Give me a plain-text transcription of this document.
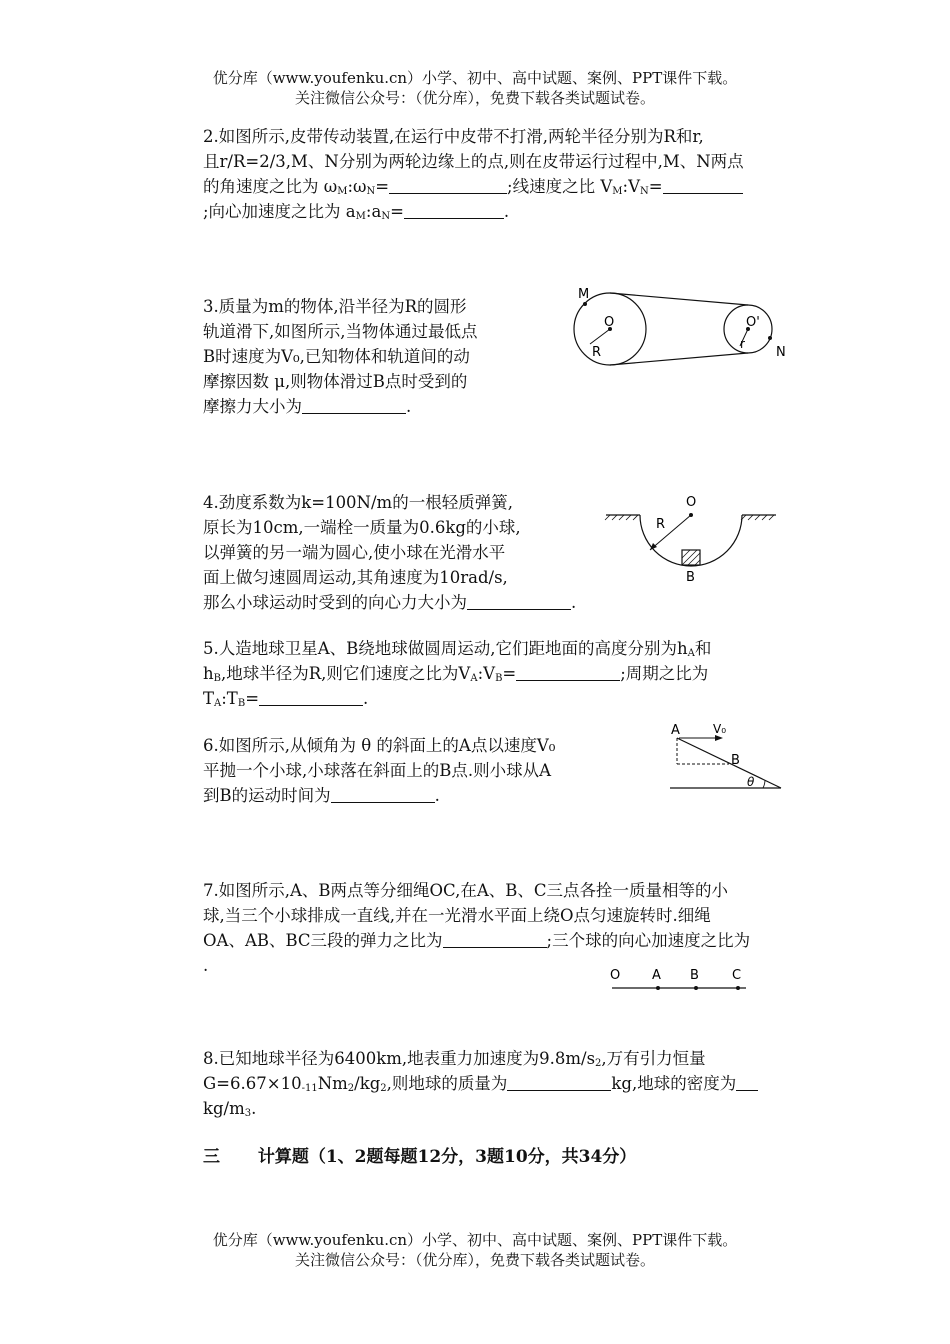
优分库（www.youfenku.cn）小学、初中、高中试题、案例、PPT课件下载。
关注微信公众号：（优分库），免费下载各类试题试卷。
2.如图所示,皮带传动装置,在运行中皮带不打滑,两轮半径分别为R和r,
且r/R=2/3,M、N分别为两轮边缘上的点,则在皮带运行过程中,M、N两点
的角速度之比为 $\omega_M:\omega_N=$	;线速度之比 $V_M:V_N=$
;向心加速度之比为 $a_M:a_N=$	.
M
O
R
O'
r
N
3.质量为m的物体,沿半径为R的圆形
轨道滑下,如图所示,当物体通过最低点
B时速度为V₀,已知物体和轨道间的动
摩擦因数 μ,则物体滑过B点时受到的
摩擦力大小为	.
4.劲度系数为k=100N/m的一根轻质弹簧,
原长为10cm,一端栓一质量为0.6kg的小球,
以弹簧的另一端为圆心,使小球在光滑水平
面上做匀速圆周运动,其角速度为10rad/s,
那么小球运动时受到的向心力大小为	.
O
R
B
5.人造地球卫星A、B绕地球做圆周运动,它们距地面的高度分别为$h_A$和
$h_B$,地球半径为R,则它们速度之比为$V_A:V_B=$	;周期之比为
$T_A:T_B=$	.
6.如图所示,从倾角为 θ 的斜面上的A点以速度V₀
平抛一个小球,小球落在斜面上的B点.则小球从A
到B的运动时间为	.
A	V₀
B
θ
7.如图所示,A、B两点等分细绳OC,在A、B、C三点各拴一质量相等的小
球,当三个小球排成一直线,并在一光滑水平面上绕O点匀速旋转时.细绳
OA、AB、BC三段的弹力之比为	;三个球的向心加速度之比为
.
O A B	C
8.已知地球半径为6400km,地表重力加速度为$9.8m/s_2$,万有引力恒量
$G=6.67\times 10_{-11}Nm_2/kg_2$,则地球的质量为	kg,地球的密度为
$kg/m_3$.
三 计算题（1、2题每题12分，3题10分，共34分）
优分库（www.youfenku.cn）小学、初中、高中试题、案例、PPT课件下载。
关注微信公众号：（优分库），免费下载各类试题试卷。
